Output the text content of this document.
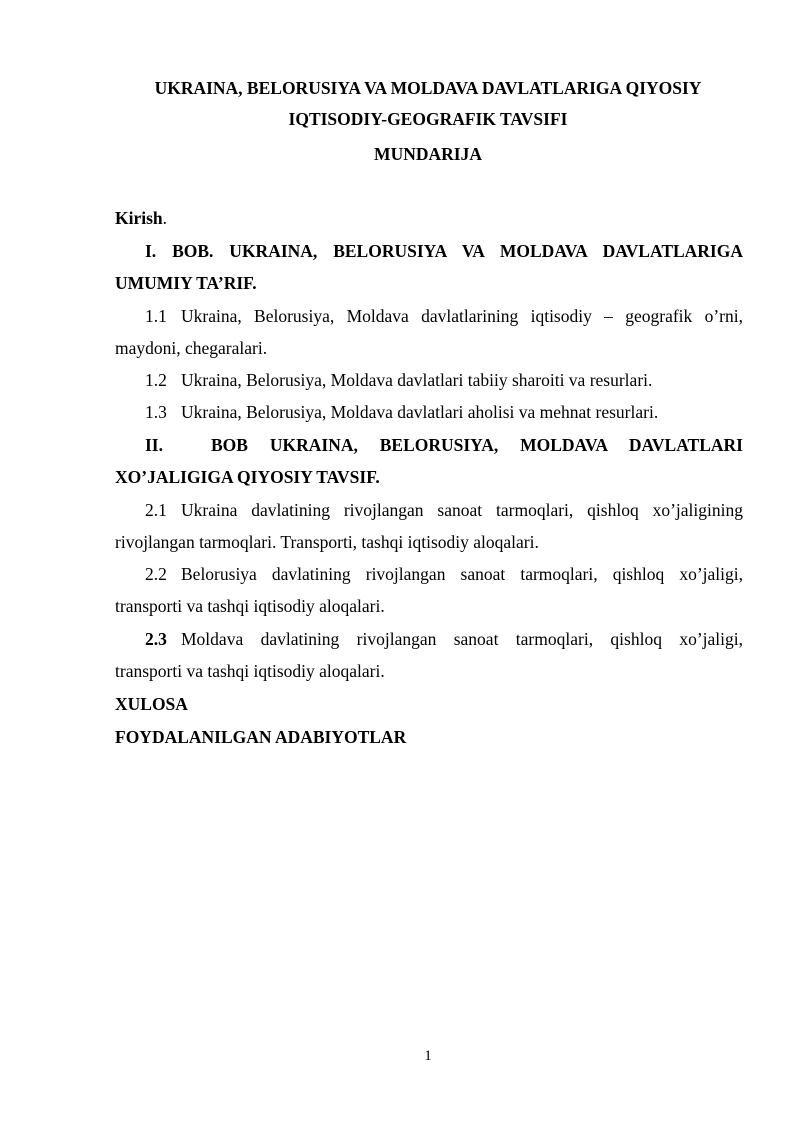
UKRAINA, BELORUSIYA VA MOLDAVA DAVLATLARIGA QIYOSIY
IQTISODIY-GEOGRAFIK TAVSIFI
MUNDARIJA
Kirish.
I. BOB. UKRAINA, BELORUSIYA VA MOLDAVA DAVLATLARIGA
UMUMIY TA’RIF.
1.1 Ukraina, Belorusiya, Moldava davlatlarining iqtisodiy – geografik o’rni,
maydoni, chegaralari.
1.2 Ukraina, Belorusiya, Moldava davlatlari tabiiy sharoiti va resurlari.
1.3 Ukraina, Belorusiya, Moldava davlatlari aholisi va mehnat resurlari.
II.	BOB UKRAINA, BELORUSIYA, MOLDAVA DAVLATLARI
XO’JALIGIGA QIYOSIY TAVSIF.
2.1 Ukraina davlatining rivojlangan sanoat tarmoqlari, qishloq xo’jaligining
rivojlangan tarmoqlari. Transporti, tashqi iqtisodiy aloqalari.
2.2 Belorusiya davlatining rivojlangan sanoat tarmoqlari, qishloq xo’jaligi,
transporti va tashqi iqtisodiy aloqalari.
2.3 Moldava davlatining rivojlangan sanoat tarmoqlari, qishloq xo’jaligi,
transporti va tashqi iqtisodiy aloqalari.
XULOSA
FOYDALANILGAN ADABIYOTLAR
1
